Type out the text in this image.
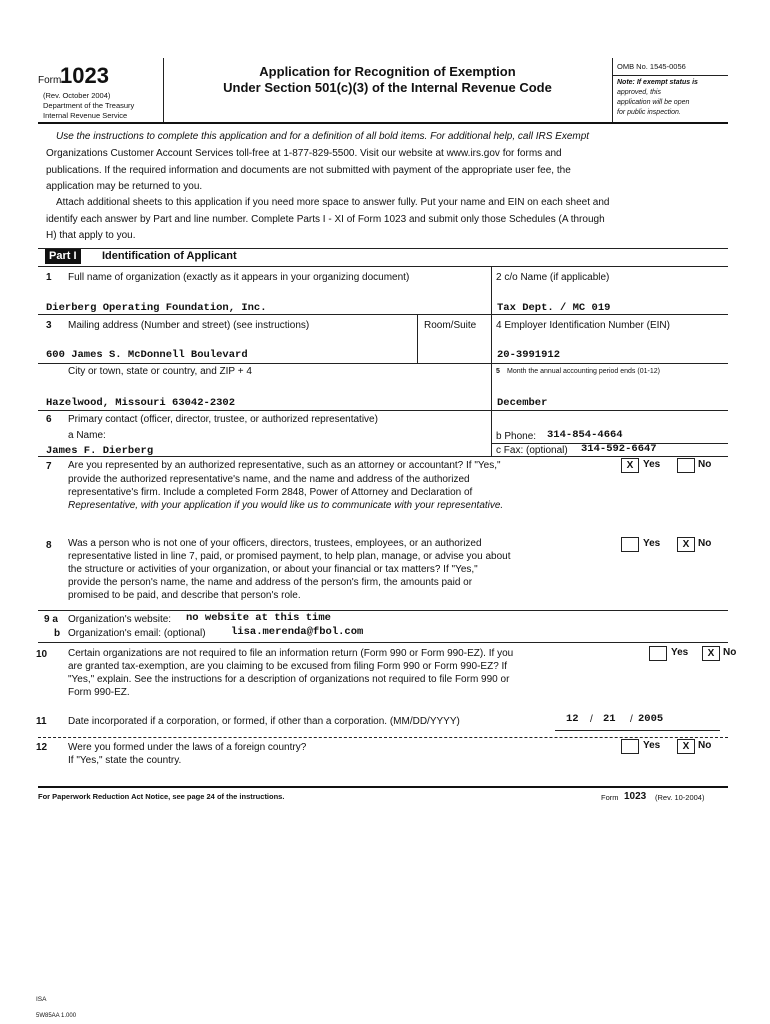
Form
1023
(Rev. October 2004)
Department of the Treasury
Internal Revenue Service
Application for Recognition of Exemption
Under Section 501(c)(3) of the Internal Revenue Code
OMB No. 1545-0056
Note: If exempt status is
approved, this
application will be open
for public inspection.
Use the instructions to complete this application and for a definition of all bold items. For additional help, call IRS Exempt
Organizations Customer Account Services toll-free at 1-877-829-5500. Visit our website at www.irs.gov for forms and
publications. If the required information and documents are not submitted with payment of the appropriate user fee, the
application may be returned to you.
Attach additional sheets to this application if you need more space to answer fully. Put your name and EIN on each sheet and
identify each answer by Part and line number. Complete Parts I - XI of Form 1023 and submit only those Schedules (A through
H) that apply to you.
Part I	Identification of Applicant
1 Full name of organization (exactly as it appears in your organizing document)	2 c/o Name (if applicable)
Dierberg Operating Foundation, Inc.	Tax Dept. / MC 019
3 Mailing address (Number and street) (see instructions)	Room/Suite 4 Employer Identification Number (EIN)
600 James S. McDonnell Boulevard	20-3991912
City or town, state or country, and ZIP + 4	5 Month the annual accounting period ends (01-12)
Hazelwood, Missouri 63042-2302	December
6 Primary contact (officer, director, trustee, or authorized representative)
a Name:	b Phone: 314-854-4664
James F. Dierberg	c Fax: (optional) 314-592-6647
7 Are you represented by an authorized representative, such as an attorney or accountant? If "Yes,"
provide the authorized representative's name, and the name and address of the authorized
representative's firm. Include a completed Form 2848, Power of Attorney and Declaration of
Representative, with your application if you would like us to communicate with your representative.
X Yes	No
8 Was a person who is not one of your officers, directors, trustees, employees, or an authorized
representative listed in line 7, paid, or promised payment, to help plan, manage, or advise you about
the structure or activities of your organization, or about your financial or tax matters? If "Yes,"
provide the person's name, the name and address of the person's firm, the amounts paid or
promised to be paid, and describe that person's role.
Yes	X No
9 a Organization's website: no website at this time
b Organization's email: (optional) lisa.merenda@fbol.com
10 Certain organizations are not required to file an information return (Form 990 or Form 990-EZ). If you
are granted tax-exemption, are you claiming to be excused from filing Form 990 or Form 990-EZ? If
"Yes," explain. See the instructions for a description of organizations not required to file Form 990 or
Form 990-EZ.
Yes	X No
11 Date incorporated if a corporation, or formed, if other than a corporation. (MM/DD/YYYY)	12 / 21 / 2005
12 Were you formed under the laws of a foreign country?
If "Yes," state the country.
Yes	X No
For Paperwork Reduction Act Notice, see page 24 of the instructions.	Form 1023 (Rev. 10-2004)
ISA
5W85AA 1.000
